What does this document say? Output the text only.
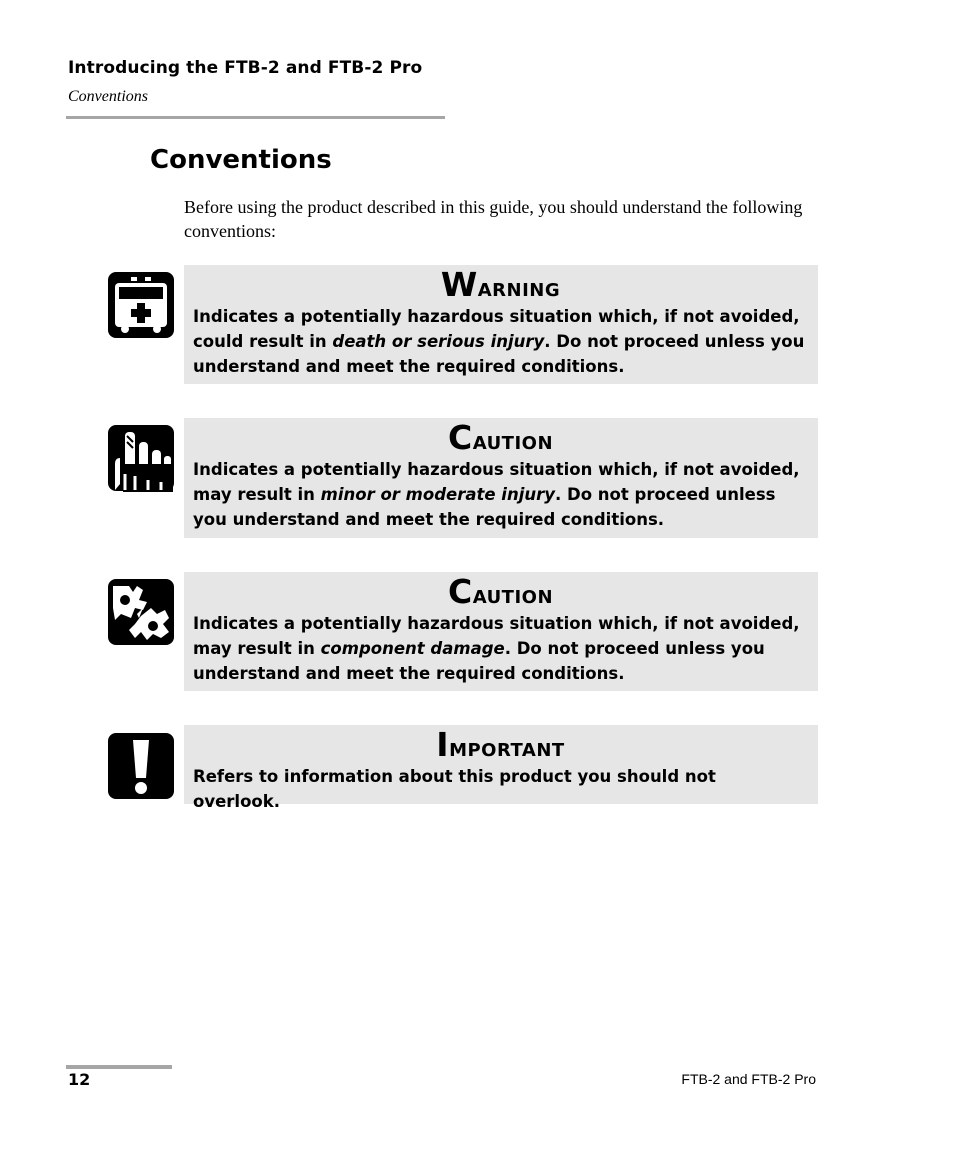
Introducing the FTB-2 and FTB-2 Pro
Conventions
Conventions
Before using the product described in this guide, you should understand the following conventions:
Warning
Indicates a potentially hazardous situation which, if not avoided, could result in death or serious injury. Do not proceed unless you understand and meet the required conditions.
Caution
Indicates a potentially hazardous situation which, if not avoided, may result in minor or moderate injury. Do not proceed unless you understand and meet the required conditions.
Caution
Indicates a potentially hazardous situation which, if not avoided, may result in component damage. Do not proceed unless you understand and meet the required conditions.
Important
Refers to information about this product you should not overlook.
12	FTB-2 and FTB-2 Pro
